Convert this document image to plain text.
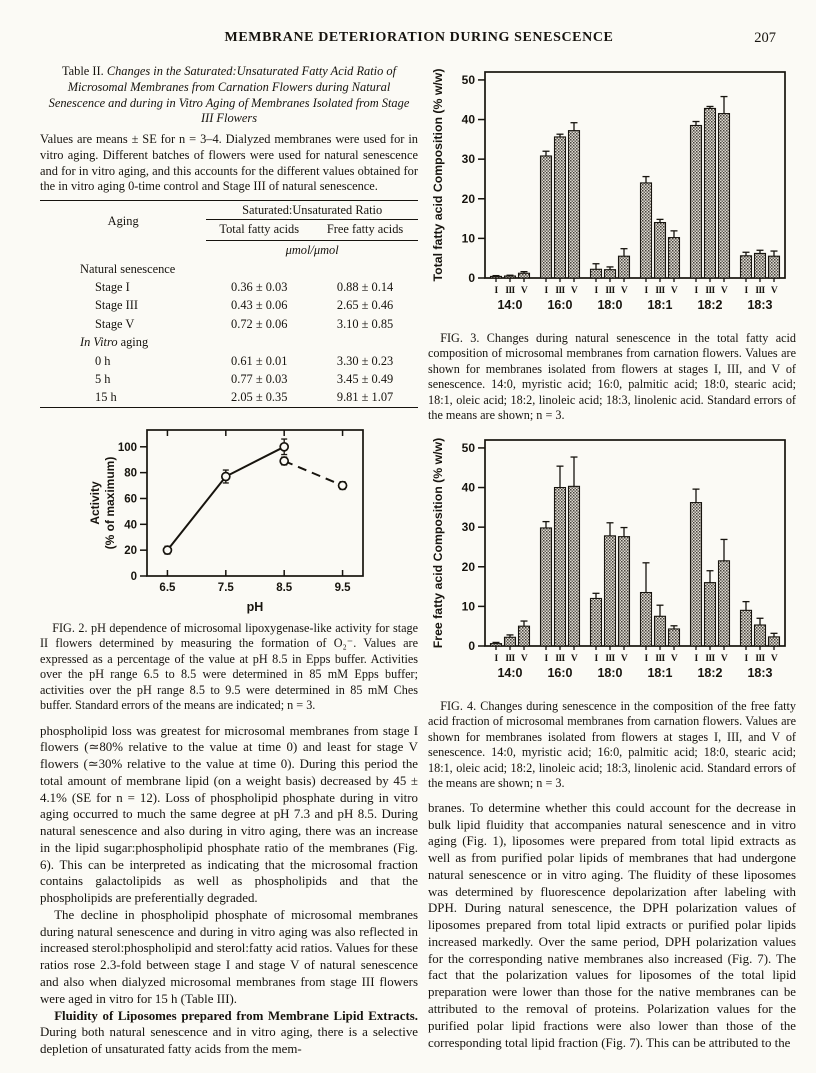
MEMBRANE DETERIORATION DURING SENESCENCE	207
Table II. Changes in the Saturated:Unsaturated Fatty Acid Ratio of Microsomal Membranes from Carnation Flowers during Natural Senescence and during in Vitro Aging of Membranes Isolated from Stage III Flowers

Values are means ± SE for n = 3–4. Dialyzed membranes were used for in vitro aging. Different batches of flowers were used for natural senescence and for in vitro aging, and this accounts for the different values obtained for the in vitro aging 0-time control and Stage III of natural senescence.

Aging	Saturated:Unsaturated Ratio	
	Total fatty acids	Free fatty acids
	μmol/μmol	
Natural senescence		
Stage I	0.36 ± 0.03	0.88 ± 0.14
Stage III	0.43 ± 0.06	2.65 ± 0.46
Stage V	0.72 ± 0.06	3.10 ± 0.85
In Vitro aging		
0 h	0.61 ± 0.01	3.30 ± 0.23
5 h	0.77 ± 0.03	3.45 ± 0.49
15 h	2.05 ± 0.35	9.81 ± 1.07
0
20
40
60
80
100
6.5	7.5	8.5	9.5
Activity (% of maximum)
pH
FIG. 2. pH dependence of microsomal lipoxygenase-like activity for stage II flowers determined by measuring the formation of O₂⁻. Values are expressed as a percentage of the value at pH 8.5 in Epps buffer. Activities over the pH range 6.5 to 8.5 were determined in 85 mM Epps buffer; activities over the pH range 8.5 to 9.5 were determined in 85 mM Ches buffer. Standard errors of the means are indicated; n = 3.

phospholipid loss was greatest for microsomal membranes from stage I flowers (≃80% relative to the value at time 0) and least for stage V flowers (≃30% relative to the value at time 0). During this period the total amount of membrane lipid (on a weight basis) decreased by 45 ± 4.1% (SE for n = 12). Loss of phospholipid phosphate during in vitro aging occurred to much the same degree at pH 7.3 and pH 8.5. During natural senescence and also during in vitro aging, there was an increase in the lipid sugar:phospholipid phosphate ratio of the membranes (Fig. 6). This can be interpreted as indicating that the microsomal fraction contains galactolipids as well as phospholipids and that the phospholipids are preferentially degraded.

The decline in phospholipid phosphate of microsomal membranes during natural senescence and during in vitro aging was also reflected in increased sterol:phospholipid and sterol:fatty acid ratios. Values for these ratios rose 2.3-fold between stage I and stage V of natural senescence and also when dialyzed microsomal membranes from stage III flowers were aged in vitro for 15 h (Table III).

Fluidity of Liposomes prepared from Membrane Lipid Extracts. During both natural senescence and in vitro aging, there is a selective depletion of unsaturated fatty acids from the mem-

0
10
20
30
40
50
Total fatty acid Composition (% w/w)
I III V
14:0
I III V
16:0
I III V
18:0
I III V
18:1
I III V
18:2
I III V
18:3
FIG. 3. Changes during natural senescence in the total fatty acid composition of microsomal membranes from carnation flowers. Values are shown for membranes isolated from flowers at stages I, III, and V of senescence. 14:0, myristic acid; 16:0, palmitic acid; 18:0, stearic acid; 18:1, oleic acid; 18:2, linoleic acid; 18:3, linolenic acid. Standard errors of the means are shown; n = 3.
0
10
20
30
40
50
Free fatty acid Composition (% w/w)
I III V
14:0
I III V
16:0
I III V
18:0
I III V
18:1
I III V
18:2
I III V
18:3
FIG. 4. Changes during senescence in the composition of the free fatty acid fraction of microsomal membranes from carnation flowers. Values are shown for membranes isolated from flowers at stages I, III, and V of senescence. 14:0, myristic acid; 16:0, palmitic acid; 18:0, stearic acid; 18:1, oleic acid; 18:2, linoleic acid; 18:3, linolenic acid. Standard errors of the means are shown; n = 3.

branes. To determine whether this could account for the decrease in bulk lipid fluidity that accompanies natural senescence and in vitro aging (Fig. 1), liposomes were prepared from total lipid extracts as well as from purified polar lipids of membranes that had undergone natural senescence or in vitro aging. The fluidity of these liposomes was determined by fluorescence depolarization after labeling with DPH. During natural senescence, the DPH polarization values of liposomes prepared from total lipid extracts or purified polar lipids increased markedly. Over the same period, DPH polarization values for the corresponding native membranes also increased (Fig. 7). The fact that the polarization values for liposomes of the total lipid preparation were lower than those for the native membranes can be attributed to the removal of proteins. Polarization values for the purified polar lipid fractions were also lower than those of the corresponding total lipid fraction (Fig. 7). This can be attributed to the
